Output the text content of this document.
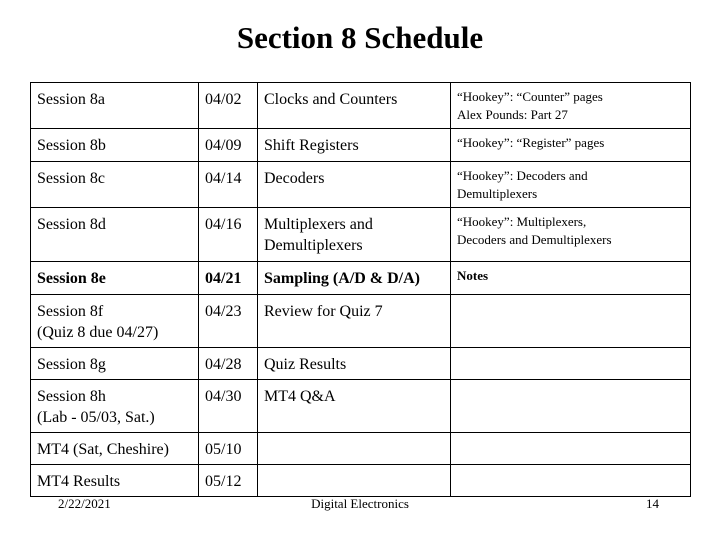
Section 8 Schedule
Session 8a	04/02	Clocks and Counters	“Hookey”: “Counter” pages
Alex Pounds: Part 27

Session 8b	04/09	Shift Registers	“Hookey”: “Register” pages

Session 8c	04/14	Decoders	“Hookey”: Decoders and
Demultiplexers

Session 8d	04/16	Multiplexers and
Demultiplexers	“Hookey”: Multiplexers,
Decoders and Demultiplexers

Session 8e	04/21	Sampling (A/D & D/A)	Notes

Session 8f
(Quiz 8 due 04/27)	04/23	Review for Quiz 7	

Session 8g	04/28	Quiz Results	

Session 8h
(Lab - 05/03, Sat.)	04/30	MT4 Q&A	

MT4 (Sat, Cheshire)	05/10		

MT4 Results	05/12		
2/22/2021	Digital Electronics	14
